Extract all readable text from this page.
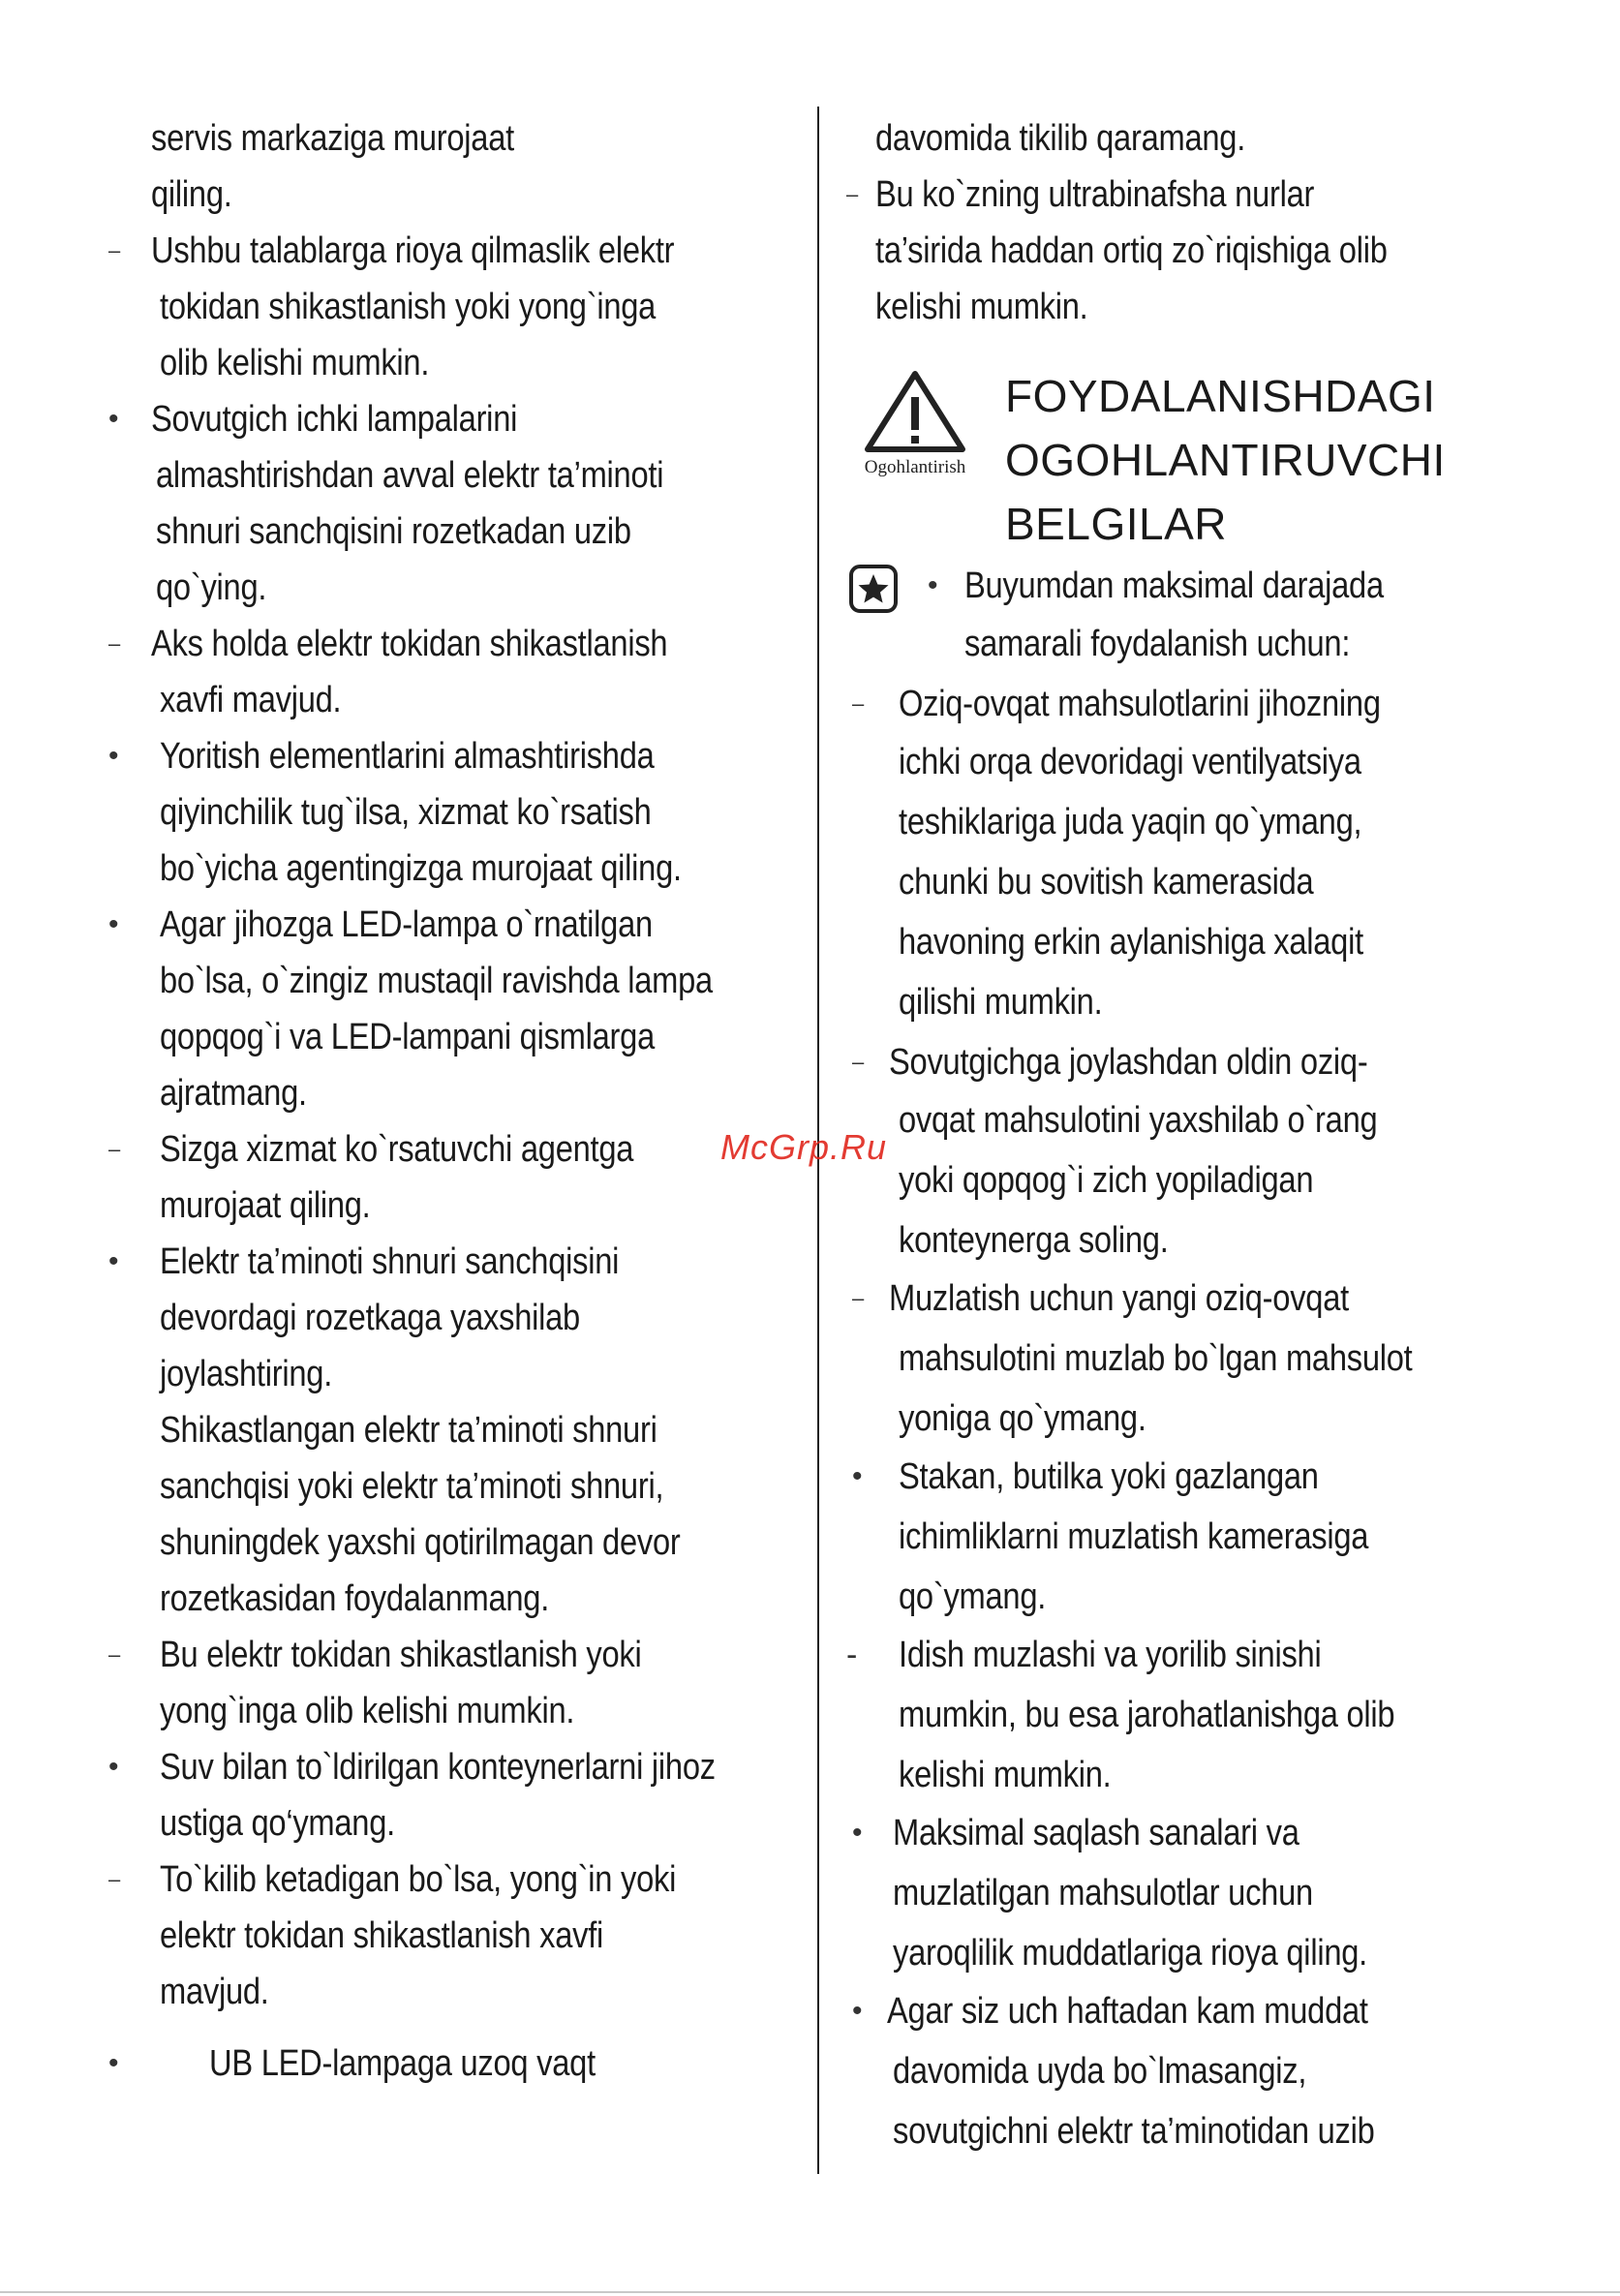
servis markaziga murojaat
qiling.
– Ushbu talablarga rioya qilmaslik elektr
tokidan shikastlanish yoki yong`inga
olib kelishi mumkin.
• Sovutgich ichki lampalarini
almashtirishdan avval elektr ta’minoti
shnuri sanchqisini rozetkadan uzib
qo`ying.
– Aks holda elektr tokidan shikastlanish
xavfi mavjud.
• Yoritish elementlarini almashtirishda
qiyinchilik tug`ilsa, xizmat ko`rsatish
bo`yicha agentingizga murojaat qiling.
• Agar jihozga LED-lampa o`rnatilgan
bo`lsa, o`zingiz mustaqil ravishda lampa
qopqog`i va LED-lampani qismlarga
ajratmang.
– Sizga xizmat ko`rsatuvchi agentga
murojaat qiling.
• Elektr ta’minoti shnuri sanchqisini
devordagi rozetkaga yaxshilab
joylashtiring.
Shikastlangan elektr ta’minoti shnuri
sanchqisi yoki elektr ta’minoti shnuri,
shuningdek yaxshi qotirilmagan devor
rozetkasidan foydalanmang.
– Bu elektr tokidan shikastlanish yoki
yong`inga olib kelishi mumkin.
• Suv bilan to`ldirilgan konteynerlarni jihoz
ustiga qo‘ymang.
– To`kilib ketadigan bo`lsa, yong`in yoki
elektr tokidan shikastlanish xavfi
mavjud.
• UB LED-lampaga uzoq vaqt
davomida tikilib qaramang.
– Bu ko`zning ultrabinafsha nurlar
ta’sirida haddan ortiq zo`riqishiga olib
kelishi mumkin.
• Buyumdan maksimal darajada
samarali foydalanish uchun:
– Oziq-ovqat mahsulotlarini jihozning
ichki orqa devoridagi ventilyatsiya
teshiklariga juda yaqin qo`ymang,
chunki bu sovitish kamerasida
havoning erkin aylanishiga xalaqit
qilishi mumkin.
– Sovutgichga joylashdan oldin oziq-
ovqat mahsulotini yaxshilab o`rang
yoki qopqog`i zich yopiladigan
konteynerga soling.
– Muzlatish uchun yangi oziq-ovqat
mahsulotini muzlab bo`lgan mahsulot
yoniga qo`ymang.
• Stakan, butilka yoki gazlangan
ichimliklarni muzlatish kamerasiga
qo`ymang.
- Idish muzlashi va yorilib sinishi
mumkin, bu esa jarohatlanishga olib
kelishi mumkin.
• Maksimal saqlash sanalari va
muzlatilgan mahsulotlar uchun
yaroqlilik muddatlariga rioya qiling.
• Agar siz uch haftadan kam muddat
davomida uyda bo`lmasangiz,
sovutgichni elektr ta’minotidan uzib
Ogohlantirish
FOYDALANISHDAGI
OGOHLANTIRUVCHI
BELGILAR
McGrp.Ru
